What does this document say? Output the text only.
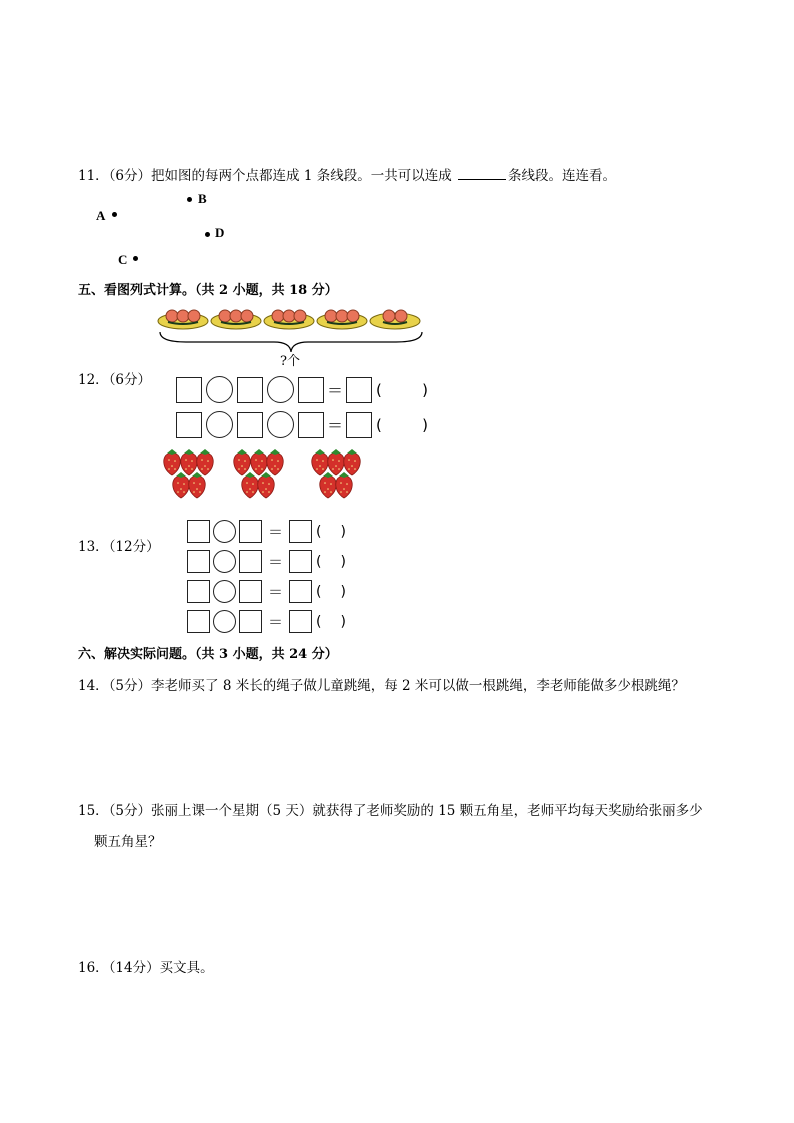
11．（6分）把如图的每两个点都连成 1 条线段。一共可以连成	条线段。连连看。
A
B
D
C
五、看图列式计算。（共 2 小题，共 18 分）
?个
12．（6分）
＝ (	)
＝ (	)
13．（12分）
＝ ( )
＝ ( )
＝ ( )
＝ ( )
六、解决实际问题。（共 3 小题，共 24 分）
14．（5分）李老师买了 8 米长的绳子做儿童跳绳，每 2 米可以做一根跳绳，李老师能做多少根跳绳？
15．（5分）张丽上课一个星期（5 天）就获得了老师奖励的 15 颗五角星，老师平均每天奖励给张丽多少
颗五角星？
16．（14分）买文具。
